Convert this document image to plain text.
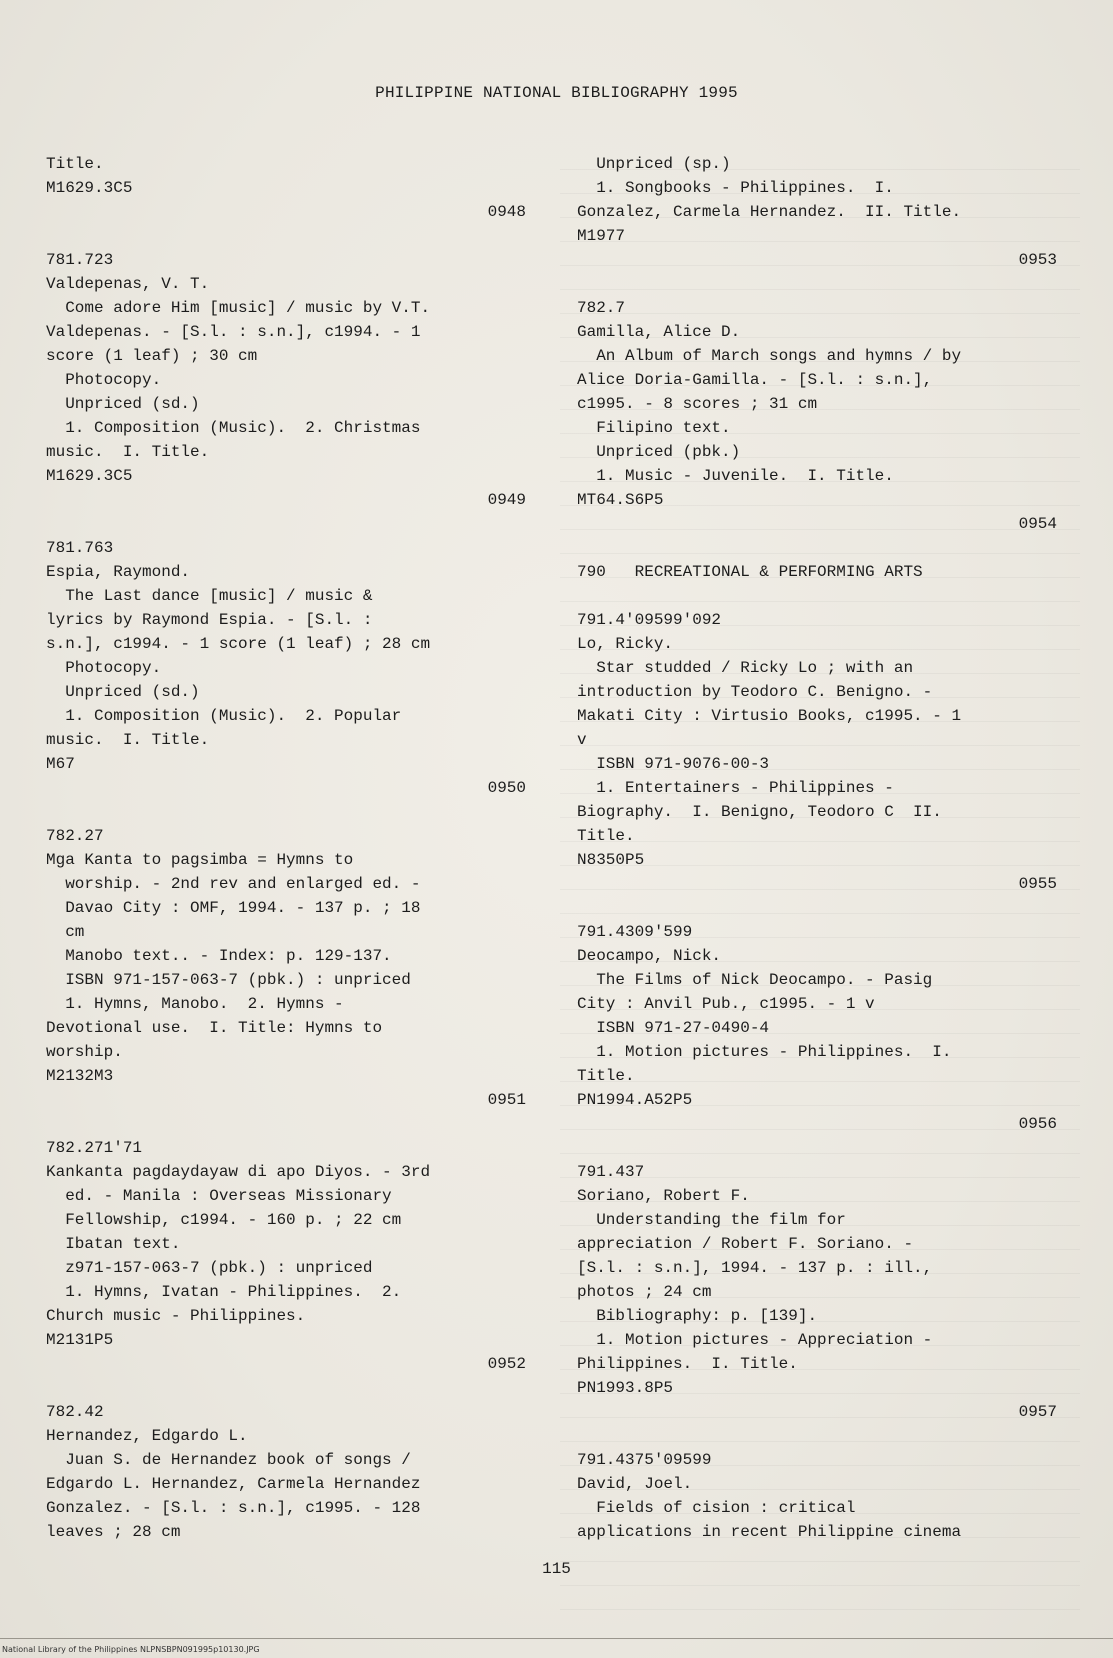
PHILIPPINE NATIONAL BIBLIOGRAPHY 1995
Title.
M1629.3C5
0948

781.723
Valdepenas, V. T.
Come adore Him [music] / music by V.T.
Valdepenas. - [S.l. : s.n.], c1994. - 1
score (1 leaf) ; 30 cm
Photocopy.
Unpriced (sd.)
1. Composition (Music).  2. Christmas
music.  I. Title.
M1629.3C5
0949

781.763
Espia, Raymond.
The Last dance [music] / music &
lyrics by Raymond Espia. - [S.l. :
s.n.], c1994. - 1 score (1 leaf) ; 28 cm
Photocopy.
Unpriced (sd.)
1. Composition (Music).  2. Popular
music.  I. Title.
M67
0950

782.27
Mga Kanta to pagsimba = Hymns to
worship. - 2nd rev and enlarged ed. -
Davao City : OMF, 1994. - 137 p. ; 18
cm
Manobo text.. - Index: p. 129-137.
ISBN 971-157-063-7 (pbk.) : unpriced
1. Hymns, Manobo.  2. Hymns -
Devotional use.  I. Title: Hymns to
worship.
M2132M3
0951

782.271'71
Kankanta pagdaydayaw di apo Diyos. - 3rd
ed. - Manila : Overseas Missionary
Fellowship, c1994. - 160 p. ; 22 cm
Ibatan text.
z971-157-063-7 (pbk.) : unpriced
1. Hymns, Ivatan - Philippines.  2.
Church music - Philippines.
M2131P5
0952

782.42
Hernandez, Edgardo L.
Juan S. de Hernandez book of songs /
Edgardo L. Hernandez, Carmela Hernandez
Gonzalez. - [S.l. : s.n.], c1995. - 128
leaves ; 28 cm
Unpriced (sp.)
1. Songbooks - Philippines.  I.
Gonzalez, Carmela Hernandez.  II. Title.
M1977
0953

782.7
Gamilla, Alice D.
An Album of March songs and hymns / by
Alice Doria-Gamilla. - [S.l. : s.n.],
c1995. - 8 scores ; 31 cm
Filipino text.
Unpriced (pbk.)
1. Music - Juvenile.  I. Title.
MT64.S6P5
0954

790   RECREATIONAL & PERFORMING ARTS

791.4'09599'092
Lo, Ricky.
Star studded / Ricky Lo ; with an
introduction by Teodoro C. Benigno. -
Makati City : Virtusio Books, c1995. - 1
v
ISBN 971-9076-00-3
1. Entertainers - Philippines -
Biography.  I. Benigno, Teodoro C  II.
Title.
N8350P5
0955

791.4309'599
Deocampo, Nick.
The Films of Nick Deocampo. - Pasig
City : Anvil Pub., c1995. - 1 v
ISBN 971-27-0490-4
1. Motion pictures - Philippines.  I.
Title.
PN1994.A52P5
0956

791.437
Soriano, Robert F.
Understanding the film for
appreciation / Robert F. Soriano. -
[S.l. : s.n.], 1994. - 137 p. : ill.,
photos ; 24 cm
Bibliography: p. [139].
1. Motion pictures - Appreciation -
Philippines.  I. Title.
PN1993.8P5
0957

791.4375'09599
David, Joel.
Fields of cision : critical
applications in recent Philippine cinema
115
National Library of the Philippines NLPNSBPN091995p10130.JPG
